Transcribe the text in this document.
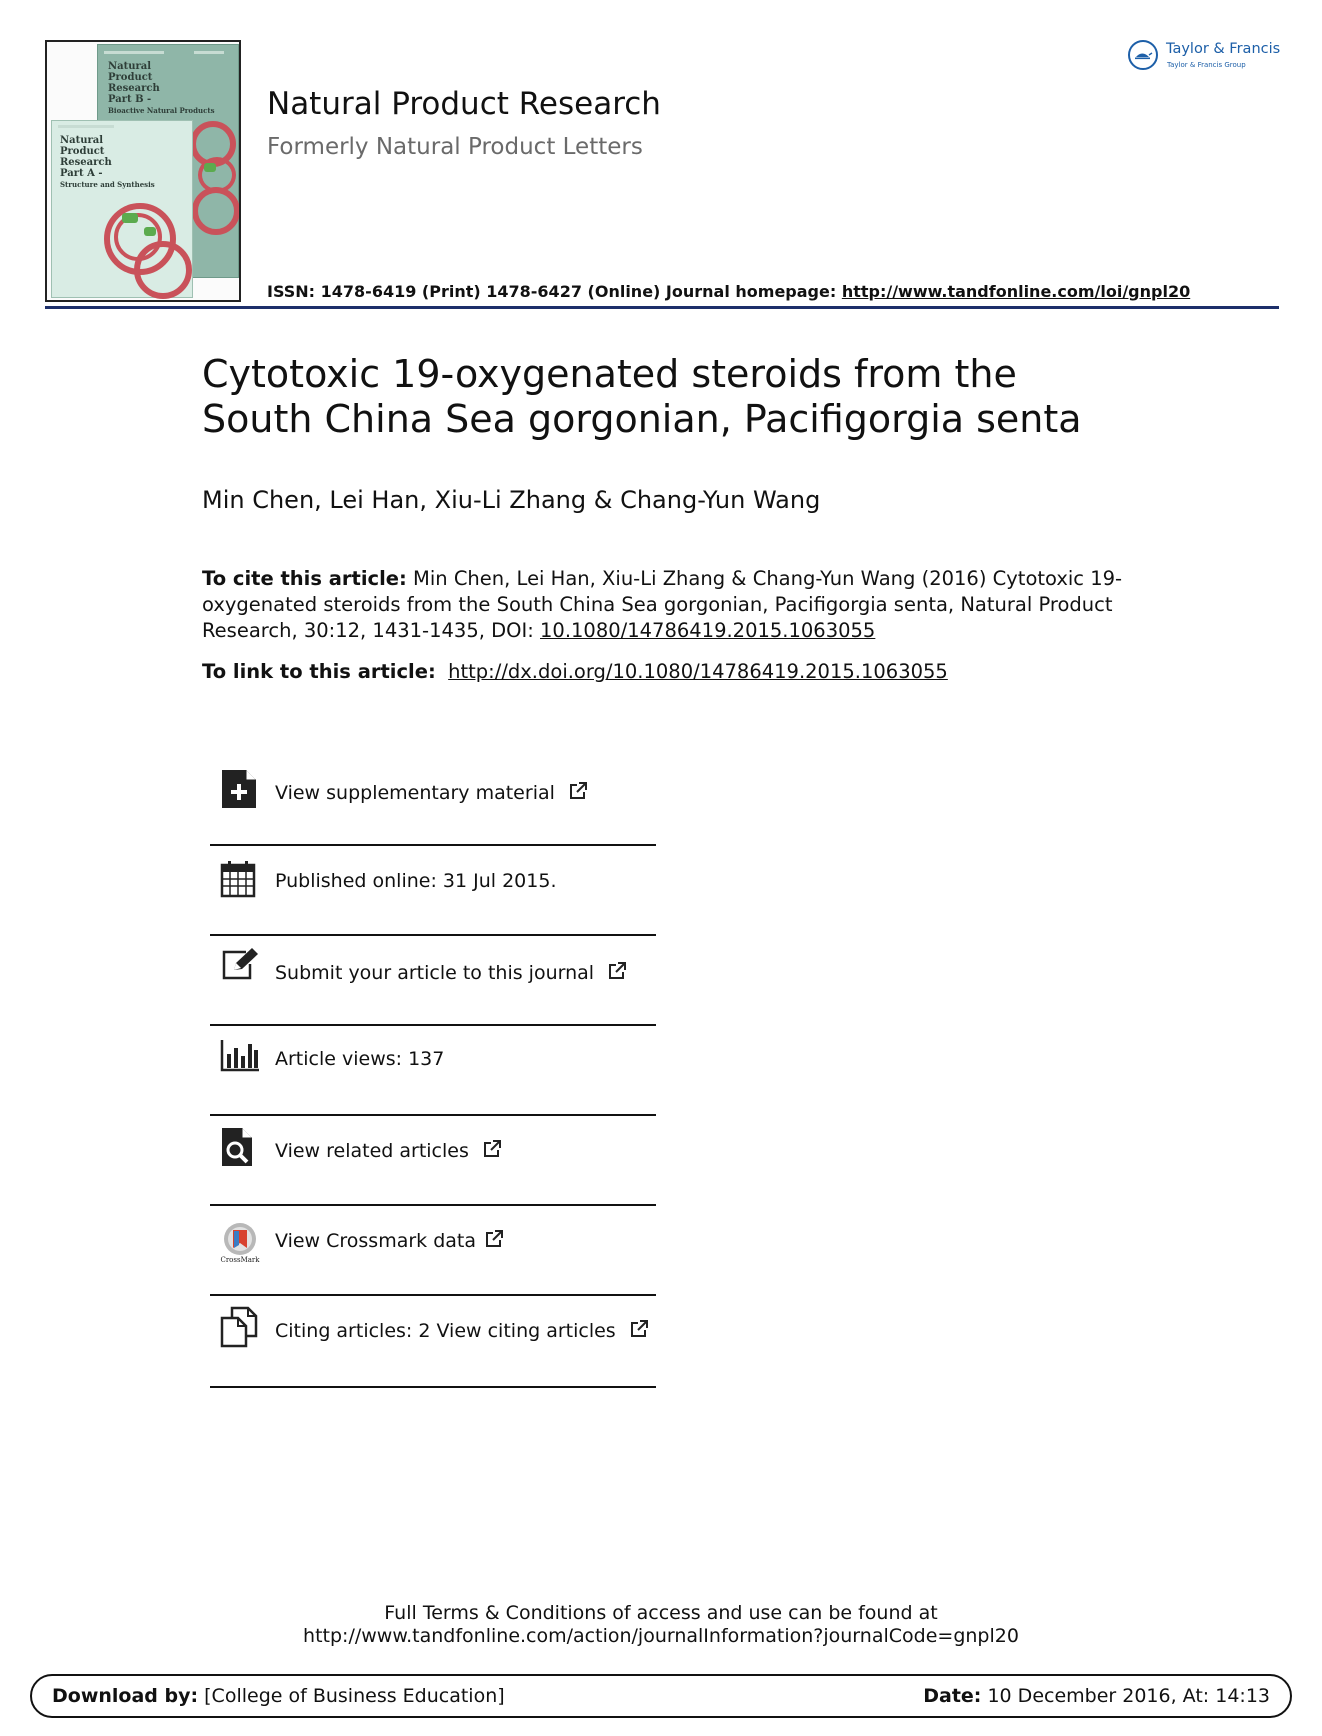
Natural
Product
Research
Part B -
Bioactive Natural Products
Natural
Product
Research
Part A -
Structure and Synthesis
Natural Product Research
Formerly Natural Product Letters
ISSN: 1478-6419 (Print) 1478-6427 (Online) Journal homepage: http://www.tandfonline.com/loi/gnpl20
Taylor & Francis
Taylor & Francis Group
Cytotoxic 19-oxygenated steroids from the South China Sea gorgonian, Pacifigorgia senta
Min Chen, Lei Han, Xiu-Li Zhang & Chang-Yun Wang
To cite this article: Min Chen, Lei Han, Xiu-Li Zhang & Chang-Yun Wang (2016) Cytotoxic 19-oxygenated steroids from the South China Sea gorgonian, Pacifigorgia senta, Natural Product Research, 30:12, 1431-1435, DOI: 10.1080/14786419.2015.1063055
To link to this article: http://dx.doi.org/10.1080/14786419.2015.1063055
View supplementary material
Published online: 31 Jul 2015.
Submit your article to this journal
Article views: 137
View related articles
CrossMark
View Crossmark data
Citing articles: 2 View citing articles
Full Terms & Conditions of access and use can be found at
http://www.tandfonline.com/action/journalInformation?journalCode=gnpl20
Download by: [College of Business Education]	Date: 10 December 2016, At: 14:13
